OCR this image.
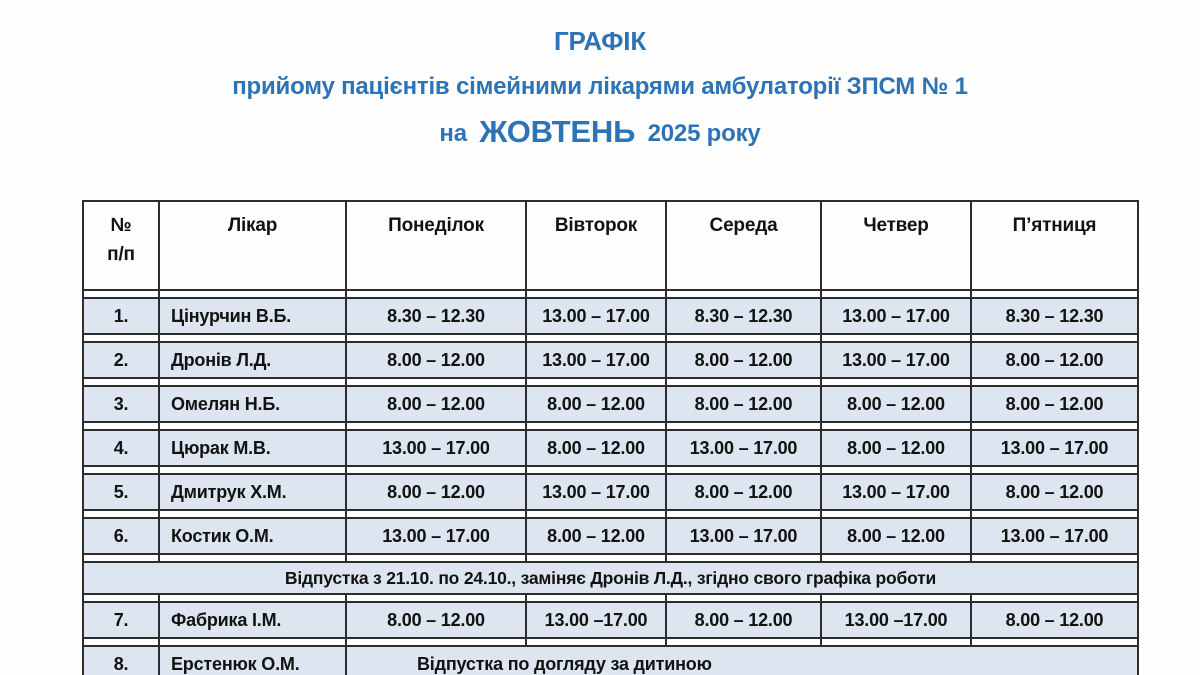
ГРАФІК
прийому пацієнтів сімейними лікарями амбулаторії ЗПСМ № 1
на ЖОВТЕНЬ 2025 року
№
п/п	Лікар	Понеділок	Вівторок	Середа	Четвер	П’ятниця

1.	Цінурчин В.Б.	8.30 – 12.30	13.00 – 17.00	8.30 – 12.30	13.00 – 17.00	8.30 – 12.30

2.	Дронів Л.Д.	8.00 – 12.00	13.00 – 17.00	8.00 – 12.00	13.00 – 17.00	8.00 – 12.00

3.	Омелян Н.Б.	8.00 – 12.00	8.00 – 12.00	8.00 – 12.00	8.00 – 12.00	8.00 – 12.00

4.	Цюрак М.В.	13.00 – 17.00	8.00 – 12.00	13.00 – 17.00	8.00 – 12.00	13.00 – 17.00

5.	Дмитрук Х.М.	8.00 – 12.00	13.00 – 17.00	8.00 – 12.00	13.00 – 17.00	8.00 – 12.00

6.	Костик О.М.	13.00 – 17.00	8.00 – 12.00	13.00 – 17.00	8.00 – 12.00	13.00 – 17.00

Відпустка з 21.10. по 24.10., заміняє Дронів Л.Д., згідно свого графіка роботи						

7.	Фабрика І.М.	8.00 – 12.00	13.00 –17.00	8.00 – 12.00	13.00 –17.00	8.00 – 12.00

8.	Ерстенюк О.М.	Відпустка по догляду за дитиною				
